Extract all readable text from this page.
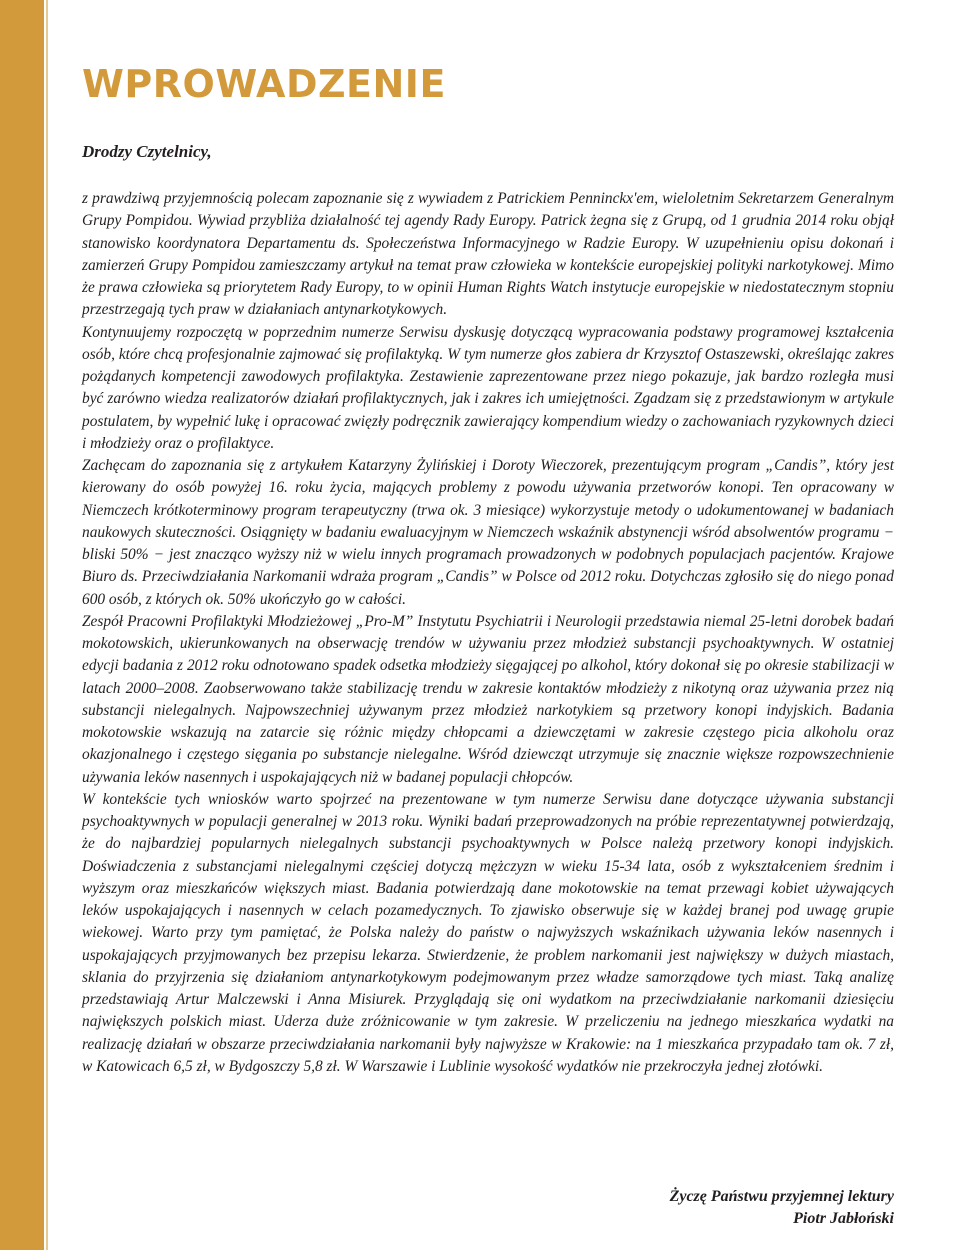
WPROWADZENIE

Drodzy Czytelnicy,

z prawdziwą przyjemnością polecam zapoznanie się z wywiadem z Patrickiem Penninckx'em, wieloletnim Sekretarzem Generalnym Grupy Pompidou. Wywiad przybliża działalność tej agendy Rady Europy. Patrick żegna się z Grupą, od 1 grudnia 2014 roku objął stanowisko koordynatora Departamentu ds. Społeczeństwa Informacyjnego w Radzie Europy. W uzupełnieniu opisu dokonań i zamierzeń Grupy Pompidou zamieszczamy artykuł na temat praw człowieka w kontekście europejskiej polityki narkotykowej. Mimo że prawa człowieka są priorytetem Rady Europy, to w opinii Human Rights Watch instytucje europejskie w niedostatecznym stopniu przestrzegają tych praw w działaniach antynarkotykowych.

Kontynuujemy rozpoczętą w poprzednim numerze Serwisu dyskusję dotyczącą wypracowania podstawy programowej kształcenia osób, które chcą profesjonalnie zajmować się profilaktyką. W tym numerze głos zabiera dr Krzysztof Ostaszewski, określając zakres pożądanych kompetencji zawodowych profilaktyka. Zestawienie zaprezentowane przez niego pokazuje, jak bardzo rozległa musi być zarówno wiedza realizatorów działań profilaktycznych, jak i zakres ich umiejętności. Zgadzam się z przedstawionym w artykule postulatem, by wypełnić lukę i opracować zwięzły podręcznik zawierający kompendium wiedzy o zachowaniach ryzykownych dzieci i młodzieży oraz o profilaktyce.

Zachęcam do zapoznania się z artykułem Katarzyny Żylińskiej i Doroty Wieczorek, prezentującym program „Candis”, który jest kierowany do osób powyżej 16. roku życia, mających problemy z powodu używania przetworów konopi. Ten opracowany w Niemczech krótkoterminowy program terapeutyczny (trwa ok. 3 miesiące) wykorzystuje metody o udokumentowanej w badaniach naukowych skuteczności. Osiągnięty w badaniu ewaluacyjnym w Niemczech wskaźnik abstynencji wśród absolwentów programu − bliski 50% − jest znacząco wyższy niż w wielu innych programach prowadzonych w podobnych populacjach pacjentów. Krajowe Biuro ds. Przeciwdziałania Narkomanii wdraża program „Candis” w Polsce od 2012 roku. Dotychczas zgłosiło się do niego ponad 600 osób, z których ok. 50% ukończyło go w całości.

Zespół Pracowni Profilaktyki Młodzieżowej „Pro-M” Instytutu Psychiatrii i Neurologii przedstawia niemal 25-letni dorobek badań mokotowskich, ukierunkowanych na obserwację trendów w używaniu przez młodzież substancji psychoaktywnych. W ostatniej edycji badania z 2012 roku odnotowano spadek odsetka młodzieży sięgającej po alkohol, który dokonał się po okresie stabilizacji w latach 2000–2008. Zaobserwowano także stabilizację trendu w zakresie kontaktów młodzieży z nikotyną oraz używania przez nią substancji nielegalnych. Najpowszechniej używanym przez młodzież narkotykiem są przetwory konopi indyjskich. Badania mokotowskie wskazują na zatarcie się różnic między chłopcami a dziewczętami w zakresie częstego picia alkoholu oraz okazjonalnego i częstego sięgania po substancje nielegalne. Wśród dziewcząt utrzymuje się znacznie większe rozpowszechnienie używania leków nasennych i uspokajających niż w badanej populacji chłopców.

W kontekście tych wniosków warto spojrzeć na prezentowane w tym numerze Serwisu dane dotyczące używania substancji psychoaktywnych w populacji generalnej w 2013 roku. Wyniki badań przeprowadzonych na próbie reprezentatywnej potwierdzają, że do najbardziej popularnych nielegalnych substancji psychoaktywnych w Polsce należą przetwory konopi indyjskich. Doświadczenia z substancjami nielegalnymi częściej dotyczą mężczyzn w wieku 15-34 lata, osób z wykształceniem średnim i wyższym oraz mieszkańców większych miast. Badania potwierdzają dane mokotowskie na temat przewagi kobiet używających leków uspokajających i nasennych w celach pozamedycznych. To zjawisko obserwuje się w każdej branej pod uwagę grupie wiekowej. Warto przy tym pamiętać, że Polska należy do państw o najwyższych wskaźnikach używania leków nasennych i uspokajających przyjmowanych bez przepisu lekarza. Stwierdzenie, że problem narkomanii jest największy w dużych miastach, sklania do przyjrzenia się działaniom antynarkotykowym podejmowanym przez władze samorządowe tych miast. Taką analizę przedstawiają Artur Malczewski i Anna Misiurek. Przyglądają się oni wydatkom na przeciwdziałanie narkomanii dziesięciu największych polskich miast. Uderza duże zróżnicowanie w tym zakresie. W przeliczeniu na jednego mieszkańca wydatki na realizację działań w obszarze przeciwdziałania narkomanii były najwyższe w Krakowie: na 1 mieszkańca przypadało tam ok. 7 zł, w Katowicach 6,5 zł, w Bydgoszczy 5,8 zł. W Warszawie i Lublinie wysokość wydatków nie przekroczyła jednej złotówki.

Życzę Państwu przyjemnej lektury
Piotr Jabłoński
